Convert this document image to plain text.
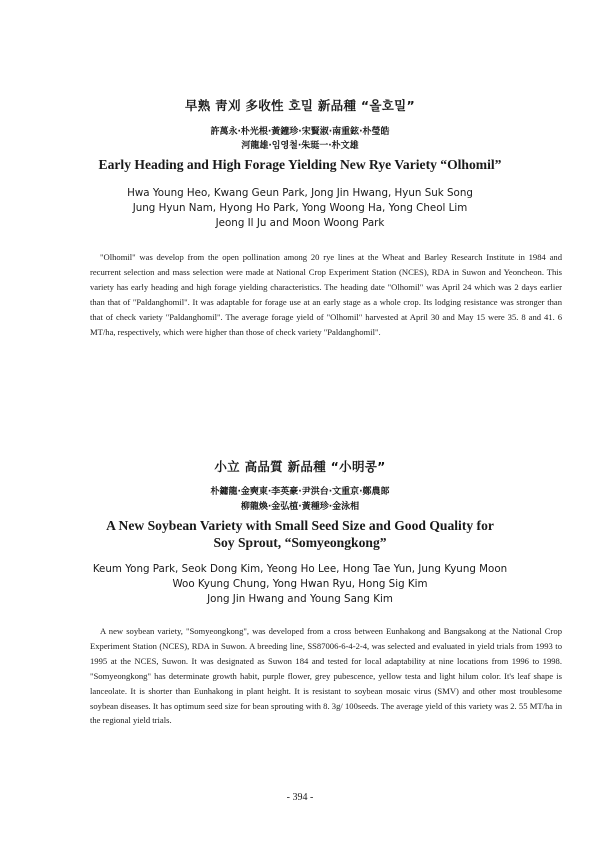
早熟 靑刈 多收性 호밀 新品種 “올호밀”
許萬永·朴光根·黃鐘珍·宋賢淑·南重鉉·朴瑩皓
河龍雄·임영철·朱珽一·朴文雄
Early Heading and High Forage Yielding New Rye Variety “Olhomil”
Hwa Young Heo, Kwang Geun Park, Jong Jin Hwang, Hyun Suk Song
Jung Hyun Nam, Hyong Ho Park, Yong Woong Ha, Yong Cheol Lim
Jeong Il Ju and Moon Woong Park

"Olhomil" was develop from the open pollination among 20 rye lines at the Wheat and Barley Research Institute in 1984 and recurrent selection and mass selection were made at National Crop Experiment Station (NCES), RDA in Suwon and Yeoncheon. This variety has early heading and high forage yielding characteristics. The heading date "Olhomil" was April 24 which was 2 days earlier than that of "Paldanghomil". It was adaptable for forage use at an early stage as a whole crop. Its lodging resistance was stronger than that of check variety "Paldanghomil". The average forage yield of "Olhomil" harvested at April 30 and May 15 were 35. 8 and 41. 6 MT/ha, respectively, which were higher than those of check variety "Paldanghomil".

小立 高品質 新品種 “小明콩”
朴鏞龍·金奭東·李英豪·尹洪台·文重京·鄭農郞
柳龍煥·金弘植·黃種珍·金泳相
A New Soybean Variety with Small Seed Size and Good Quality for
Soy Sprout, “Somyeongkong”
Keum Yong Park, Seok Dong Kim, Yeong Ho Lee, Hong Tae Yun, Jung Kyung Moon
Woo Kyung Chung, Yong Hwan Ryu, Hong Sig Kim
Jong Jin Hwang and Young Sang Kim

A new soybean variety, "Somyeongkong", was developed from a cross between Eunhakong and Bangsakong at the National Crop Experiment Station (NCES), RDA in Suwon. A breeding line, SS87006-6-4-2-4, was selected and evaluated in yield trials from 1993 to 1995 at the NCES, Suwon. It was designated as Suwon 184 and tested for local adaptability at nine locations from 1996 to 1998. "Somyeongkong" has determinate growth habit, purple flower, grey pubescence, yellow testa and light hilum color. It's leaf shape is lanceolate. It is shorter than Eunhakong in plant height. It is resistant to soybean mosaic virus (SMV) and other most troublesome soybean diseases. It has optimum seed size for bean sprouting with 8. 3g/ 100seeds. The average yield of this variety was 2. 55 MT/ha in the regional yield trials.

- 394 -
